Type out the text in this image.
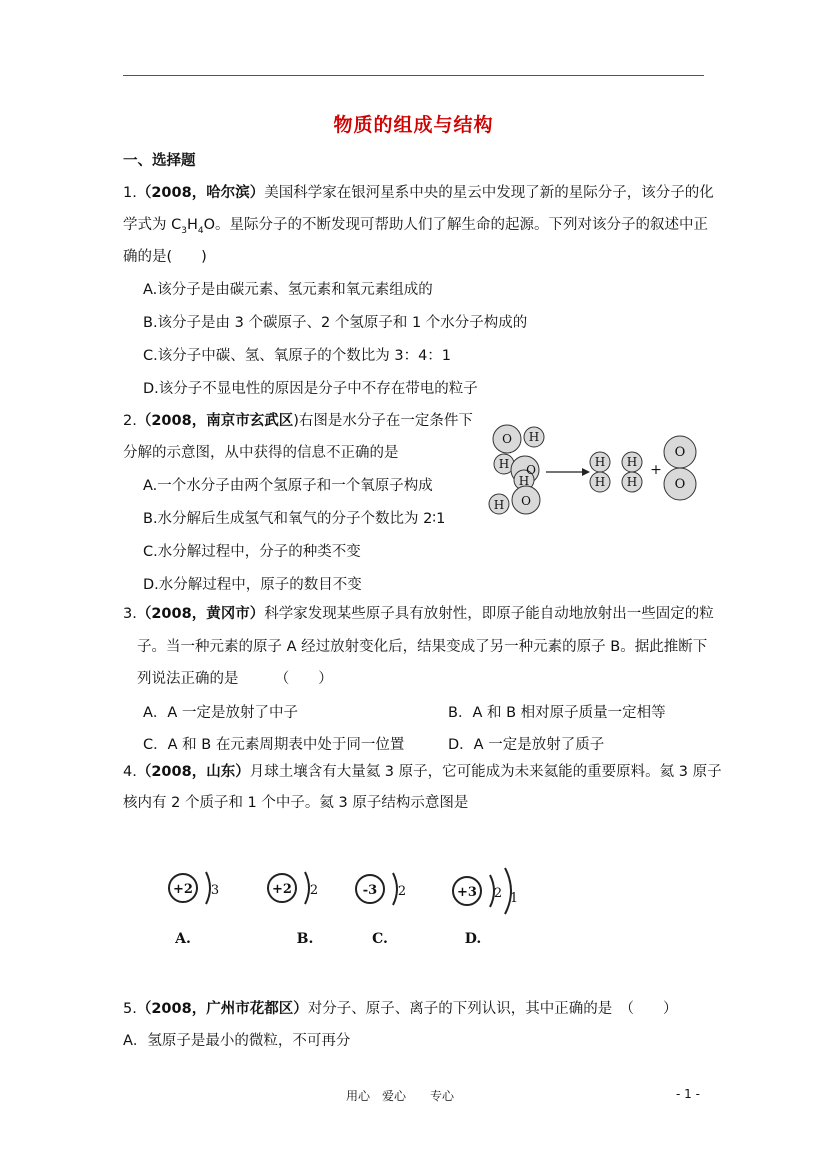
物质的组成与结构
一、选择题
1.（2008，哈尔滨）美国科学家在银河星系中央的星云中发现了新的星际分子，该分子的化
学式为 $C_3H_4O$。星际分子的不断发现可帮助人们了解生命的起源。下列对该分子的叙述中正
确的是(　　)
A.该分子是由碳元素、氢元素和氧元素组成的
B.该分子是由 3 个碳原子、2 个氢原子和 1 个水分子构成的
C.该分子中碳、氢、氧原子的个数比为 3：4：1
D.该分子不显电性的原因是分子中不存在带电的粒子
2.（2008，南京市玄武区)右图是水分子在一定条件下
分解的示意图，从中获得的信息不正确的是
A.一个水分子由两个氢原子和一个氧原子构成
B.水分解后生成氢气和氧气的分子个数比为 2∶1
C.水分解过程中，分子的种类不变
D.水分解过程中，原子的数目不变
O H
H O
H
O
H
H
H
H
H
O
O
+
3.（2008，黄冈市）科学家发现某些原子具有放射性，即原子能自动地放射出一些固定的粒
子。当一种元素的原子 A 经过放射变化后，结果变成了另一种元素的原子 B。据此推断下
列说法正确的是　　　（　　）
A．A 一定是放射了中子	B．A 和 B 相对原子质量一定相等
C．A 和 B 在元素周期表中处于同一位置	D．A 一定是放射了质子
4.（2008，山东）月球土壤含有大量氦 3 原子，它可能成为未来氦能的重要原料。氦 3 原子
核内有 2 个质子和 1 个中子。氦 3 原子结构示意图是
+2 3
A.
+2 2
B.
-3 2
C.
+3 2 1
D.
5.（2008，广州市花都区）对分子、原子、离子的下列认识，其中正确的是　（　　）
A．氢原子是最小的微粒，不可再分
用心　爱心　　专心	- 1 -
